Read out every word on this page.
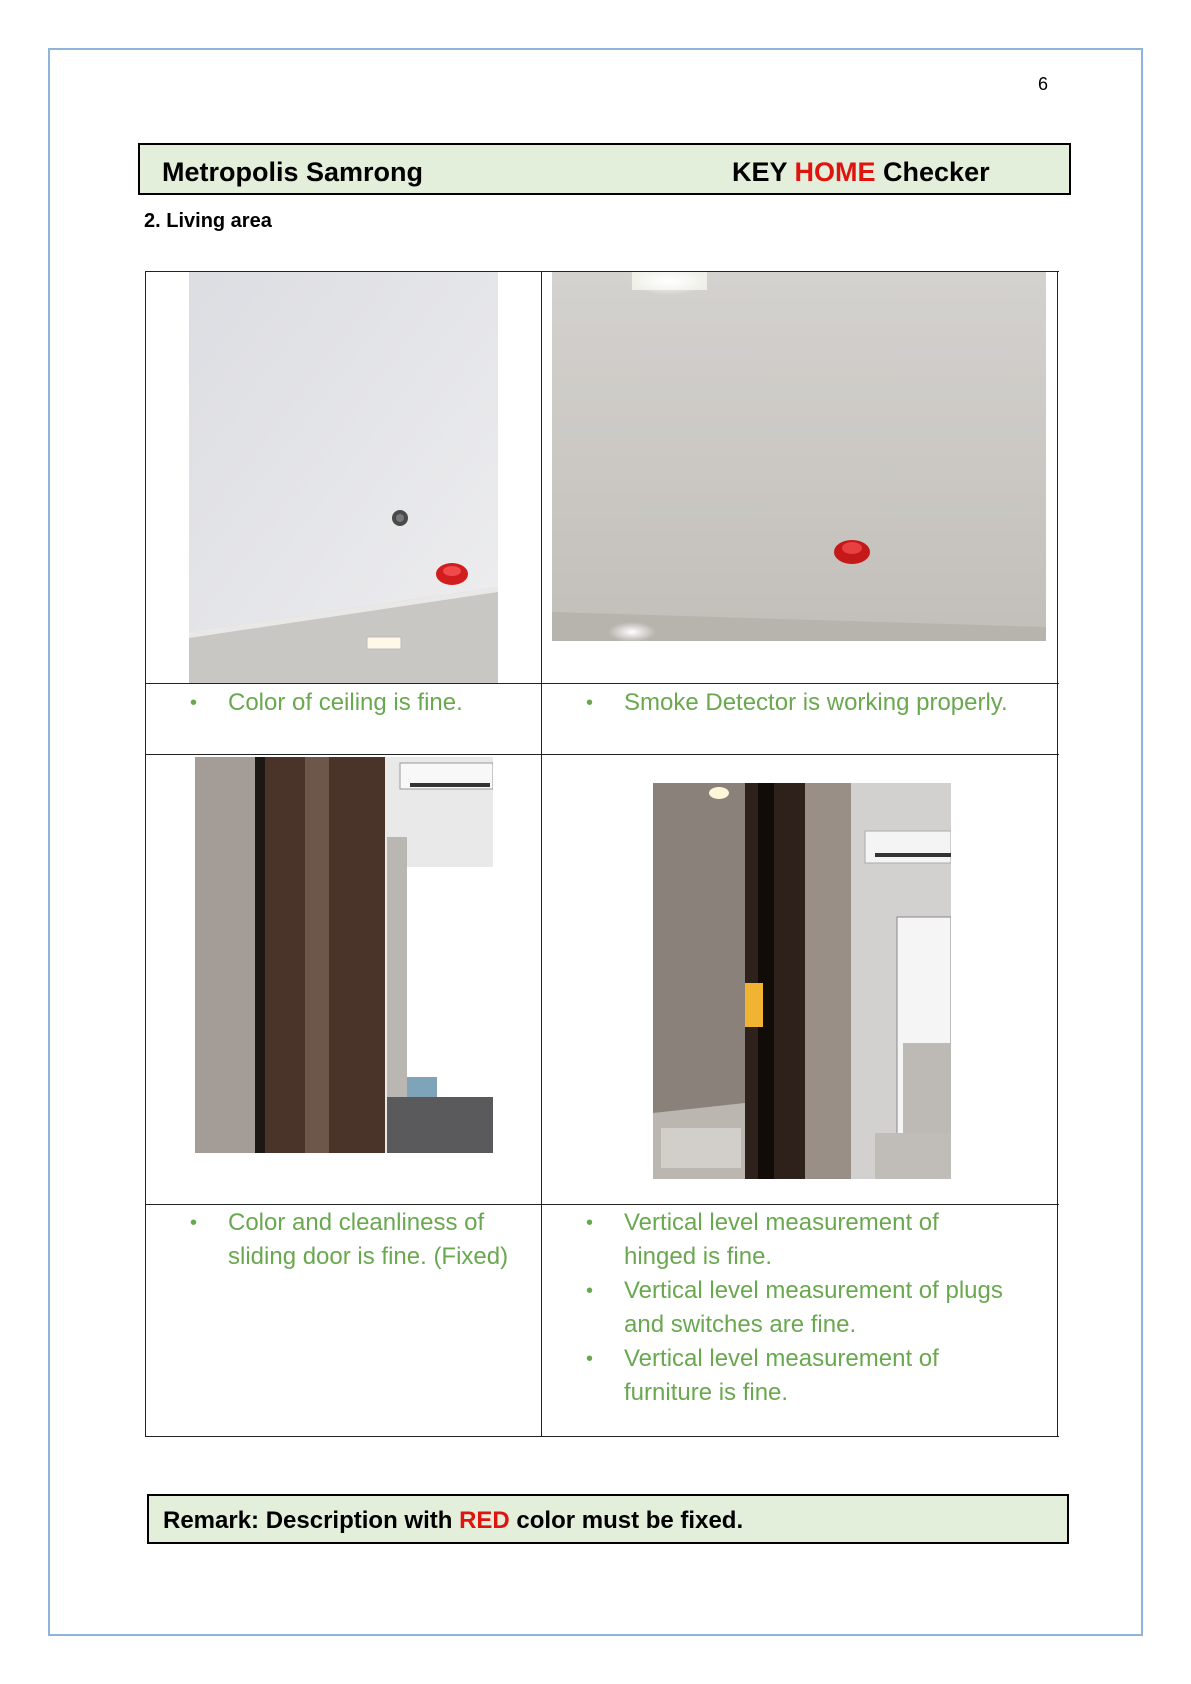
6
Metropolis Samrong	KEY HOME Checker
2. Living area
• Color of ceiling is fine.	• Smoke Detector is working properly.
• Color and cleanliness of sliding door is fine. (Fixed)
• Vertical level measurement of hinged is fine.
• Vertical level measurement of plugs and switches are fine.
• Vertical level measurement of furniture is fine.
Remark: Description with RED color must be fixed.
